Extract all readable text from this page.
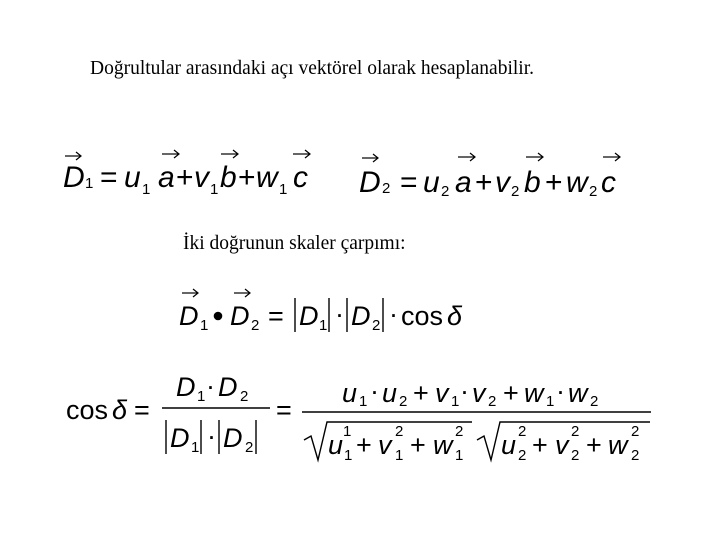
Doğrultular arasındaki açı vektörel olarak hesaplanabilir.
D 1 = u 1 a + v 1 b + w 1 c D 2 = u 2 a + v 2 b + w 2 c
İki doğrunun skaler çarpımı:
D 1 D 2 = D 1 · D 2 · cos δ
cos δ =
D 1 · D 2
D 1 · D 2
=
u 1 · u 2 + v 1 · v 2 + w 1 · w 2
u 1
1 + v 2
1 + w 2
1 u 2
2 + v 2
2 + w 2
2
